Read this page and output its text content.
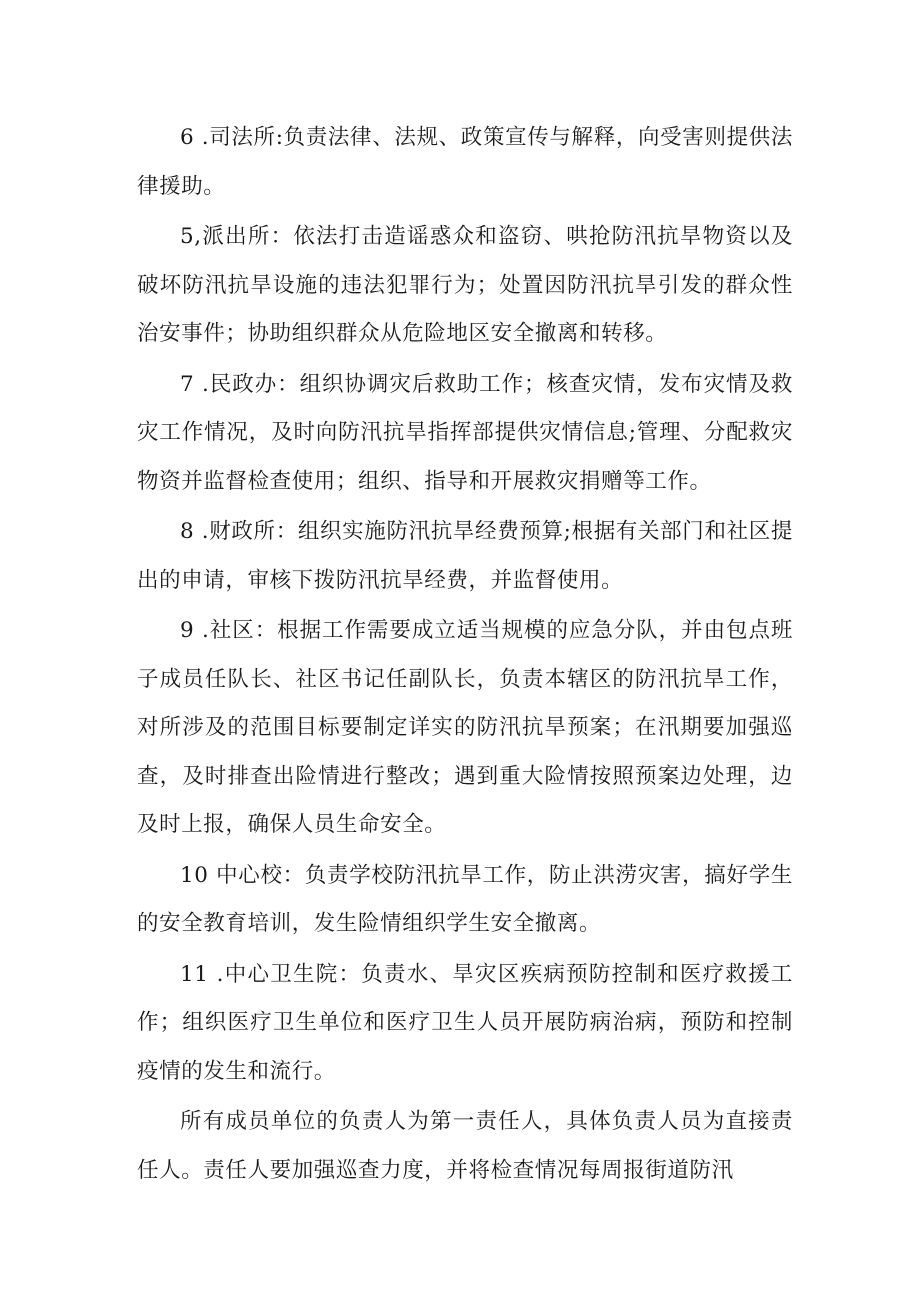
6 .司法所:负责法律、法规、政策宣传与解释，向受害则提供法律援助。

5,派出所：依法打击造谣惑众和盗窃、哄抢防汛抗旱物资以及破坏防汛抗旱设施的违法犯罪行为；处置因防汛抗旱引发的群众性治安事件；协助组织群众从危险地区安全撤离和转移。

7 .民政办：组织协调灾后救助工作；核查灾情，发布灾情及救灾工作情况，及时向防汛抗旱指挥部提供灾情信息;管理、分配救灾物资并监督检查使用；组织、指导和开展救灾捐赠等工作。

8 .财政所：组织实施防汛抗旱经费预算;根据有关部门和社区提出的申请，审核下拨防汛抗旱经费，并监督使用。

9 .社区：根据工作需要成立适当规模的应急分队，并由包点班子成员任队长、社区书记任副队长，负责本辖区的防汛抗旱工作，对所涉及的范围目标要制定详实的防汛抗旱预案；在汛期要加强巡查，及时排查出险情进行整改；遇到重大险情按照预案边处理，边及时上报，确保人员生命安全。

10 中心校：负责学校防汛抗旱工作，防止洪涝灾害，搞好学生的安全教育培训，发生险情组织学生安全撤离。

11 .中心卫生院：负责水、旱灾区疾病预防控制和医疗救援工作；组织医疗卫生单位和医疗卫生人员开展防病治病，预防和控制疫情的发生和流行。

所有成员单位的负责人为第一责任人，具体负责人员为直接责任人。责任人要加强巡查力度，并将检查情况每周报街道防汛
